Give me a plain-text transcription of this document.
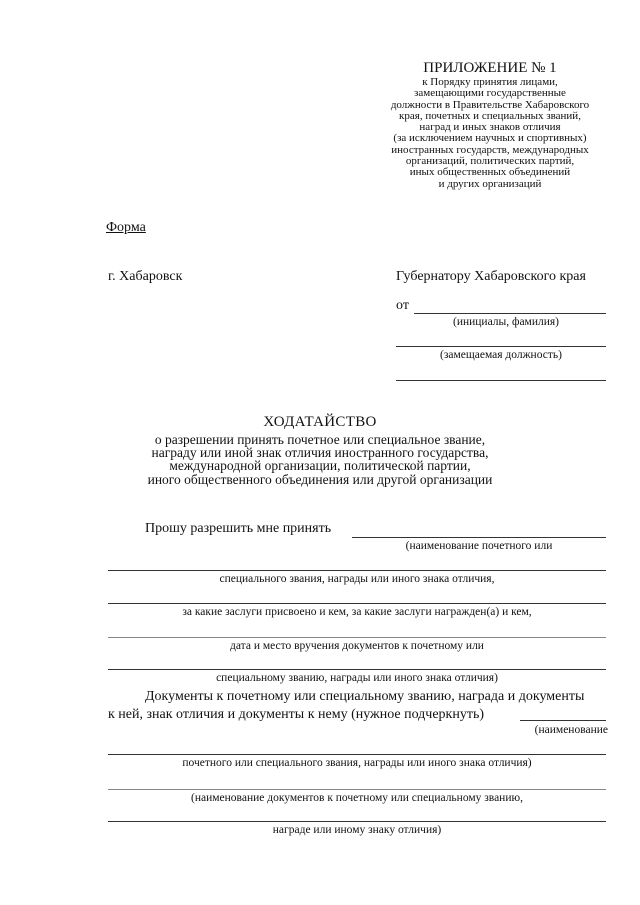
ПРИЛОЖЕНИЕ № 1
к Порядку принятия лицами,
замещающими государственные
должности в Правительстве Хабаровского
края, почетных и специальных званий,
наград и иных знаков отличия
(за исключением научных и спортивных)
иностранных государств, международных
организаций, политических партий,
иных общественных объединений
и других организаций
Форма
г. Хабаровск	Губернатору Хабаровского края
от
(инициалы, фамилия)
(замещаемая должность)
ХОДАТАЙСТВО
о разрешении принять почетное или специальное звание,
награду или иной знак отличия иностранного государства,
международной организации, политической партии,
иного общественного объединения или другой организации
Прошу разрешить мне принять
(наименование почетного или
специального звания, награды или иного знака отличия,
за какие заслуги присвоено и кем, за какие заслуги награжден(а) и кем,
дата и место вручения документов к почетному или
специальному званию, награды или иного знака отличия)
Документы к почетному или специальному званию, награда и документы
к ней, знак отличия и документы к нему (нужное подчеркнуть)
(наименование
почетного или специального звания, награды или иного знака отличия)
(наименование документов к почетному или специальному званию,
награде или иному знаку отличия)
